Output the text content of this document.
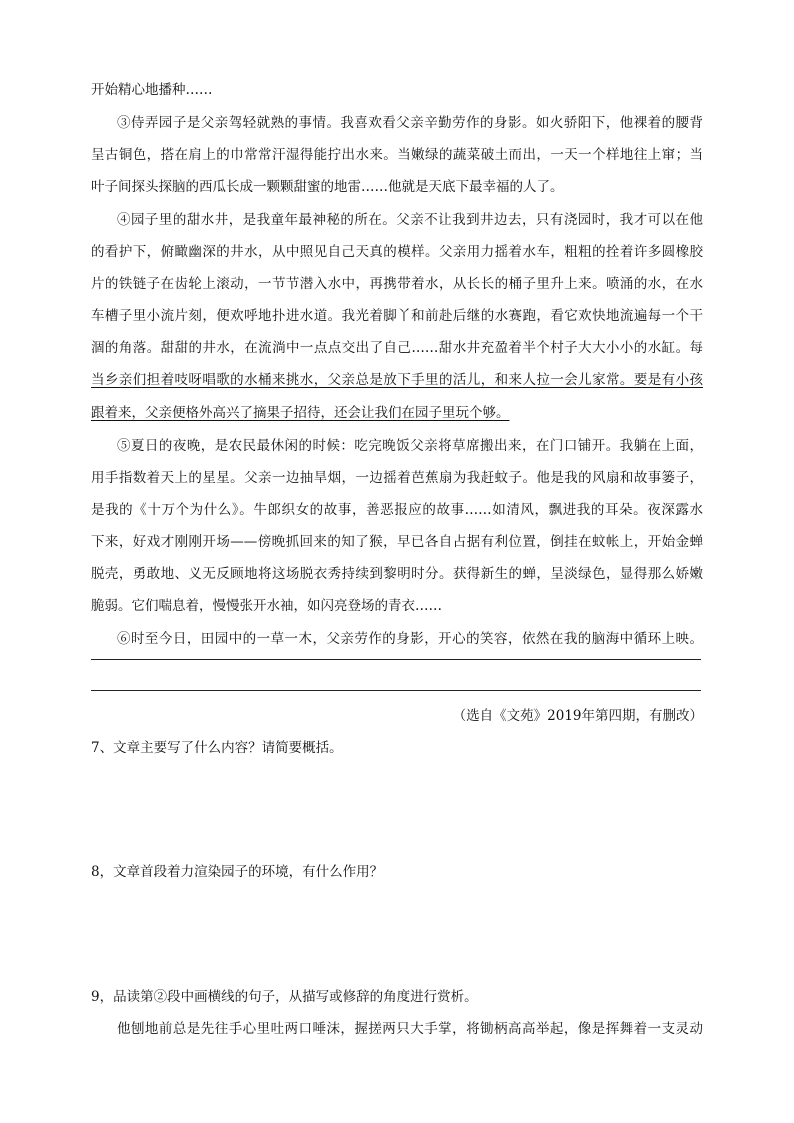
开始精心地播种……
③侍弄园子是父亲驾轻就熟的事情。我喜欢看父亲辛勤劳作的身影。如火骄阳下，他裸着的腰背
呈古铜色，搭在肩上的巾常常汗湿得能拧出水来。当嫩绿的蔬菜破土而出，一天一个样地往上窜；当
叶子间探头探脑的西瓜长成一颗颗甜蜜的地雷……他就是天底下最幸福的人了。
④园子里的甜水井，是我童年最神秘的所在。父亲不让我到井边去，只有浇园时，我才可以在他
的看护下，俯瞰幽深的井水，从中照见自己天真的模样。父亲用力摇着水车，粗粗的拴着许多圆橡胶
片的铁链子在齿轮上滚动，一节节潜入水中，再携带着水，从长长的桶子里升上来。喷涌的水，在水
车槽子里小流片刻，便欢呼地扑进水道。我光着脚丫和前赴后继的水赛跑，看它欢快地流遍每一个干
涸的角落。甜甜的井水，在流淌中一点点交出了自己……甜水井充盈着半个村子大大小小的水缸。每
当乡亲们担着吱呀唱歌的水桶来挑水，父亲总是放下手里的活儿，和来人拉一会儿家常。要是有小孩
跟着来，父亲便格外高兴了摘果子招待，还会让我们在园子里玩个够。
⑤夏日的夜晚，是农民最休闲的时候：吃完晚饭父亲将草席搬出来，在门口铺开。我躺在上面，
用手指数着天上的星星。父亲一边抽旱烟，一边摇着芭蕉扇为我赶蚊子。他是我的风扇和故事篓子，
是我的《十万个为什么》。牛郎织女的故事，善恶报应的故事……如清风，飘进我的耳朵。夜深露水
下来，好戏才刚刚开场——傍晚抓回来的知了猴，早已各自占据有利位置，倒挂在蚊帐上，开始金蝉
脱壳，勇敢地、义无反顾地将这场脱衣秀持续到黎明时分。获得新生的蝉，呈淡绿色，显得那么娇嫩
脆弱。它们喘息着，慢慢张开水袖，如闪亮登场的青衣……
⑥时至今日，田园中的一草一木，父亲劳作的身影，开心的笑容，依然在我的脑海中循环上映。
（选自《文苑》2019年第四期，有删改）
7、文章主要写了什么内容？请简要概括。
8，文章首段着力渲染园子的环境，有什么作用？
9，品读第②段中画横线的句子，从描写或修辞的角度进行赏析。
他刨地前总是先往手心里吐两口唾沫，握搓两只大手掌，将锄柄高高举起，像是挥舞着一支灵动
